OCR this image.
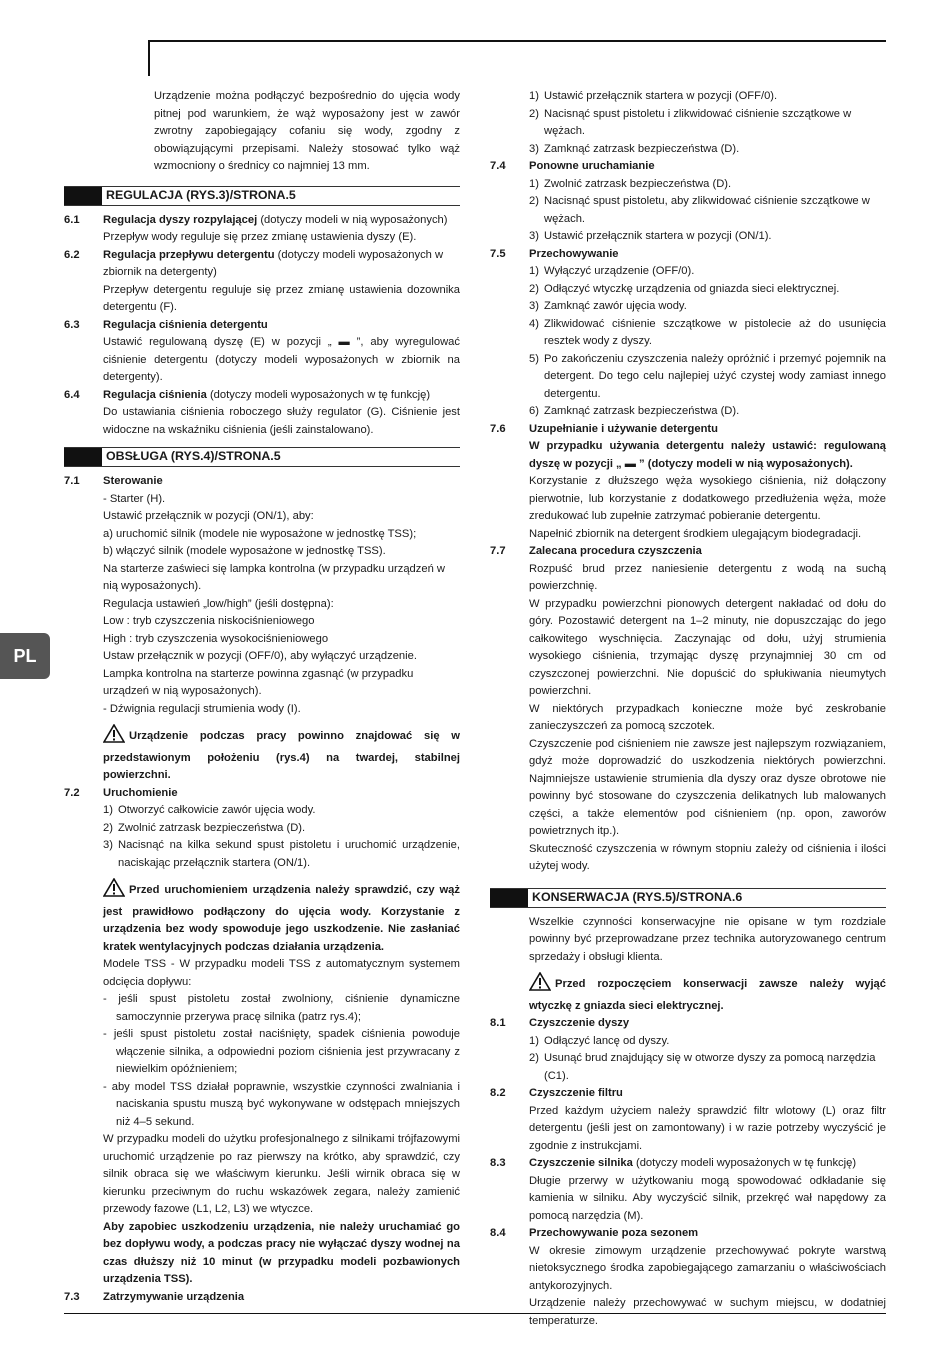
PL

Urządzenie można podłączyć bezpośrednio do ujęcia wody pitnej pod warunkiem, że wąż wyposażony jest w zawór zwrotny zapobiegający cofaniu się wody, zgodny z obowiązującymi przepisami. Należy stosować tylko wąż wzmocniony o średnicy co najmniej 13 mm.

REGULACJA (RYS.3)/STRONA.5
6.1	Regulacja dyszy rozpylającej (dotyczy modeli w nią wyposażonych)

Przepływ wody reguluje się przez zmianę ustawienia dyszy (E).

6.2	Regulacja przepływu detergentu (dotyczy modeli wyposażonych w zbiornik na detergenty)

Przepływ detergentu reguluje się przez zmianę ustawienia dozownika detergentu (F).

6.3	Regulacja ciśnienia detergentu

Ustawić regulowaną dyszę (E) w pozycji „ ▬ ”, aby wyregulować ciśnienie detergentu (dotyczy modeli wyposażonych w zbiornik na detergenty).

6.4	Regulacja ciśnienia (dotyczy modeli wyposażonych w tę funkcję)

Do ustawiania ciśnienia roboczego służy regulator (G). Ciśnienie jest widoczne na wskaźniku ciśnienia (jeśli zainstalowano).

OBSŁUGA (RYS.4)/STRONA.5
7.1	Sterowanie

- Starter (H).

Ustawić przełącznik w pozycji (ON/1), aby:

a) uruchomić silnik (modele nie wyposażone w jednostkę TSS);

b) włączyć silnik (modele wyposażone w jednostkę TSS).

Na starterze zaświeci się lampka kontrolna (w przypadku urządzeń w nią wyposażonych).

Regulacja ustawień „low/high” (jeśli dostępna):

Low : tryb czyszczenia niskociśnieniowego

High : tryb czyszczenia wysokociśnieniowego

Ustaw przełącznik w pozycji (OFF/0), aby wyłączyć urządzenie.

Lampka kontrolna na starterze powinna zgasnąć (w przypadku urządzeń w nią wyposażonych).

- Dźwignia regulacji strumienia wody (I).

Urządzenie podczas pracy powinno znajdować się w przedstawionym położeniu (rys.4) na twardej, stabilnej powierzchni.

7.2	Uruchomienie
1) Otworzyć całkowicie zawór ujęcia wody.
2) Zwolnić zatrzask bezpieczeństwa (D).
3) Nacisnąć na kilka sekund spust pistoletu i uruchomić urządzenie, naciskając przełącznik startera (ON/1).

Przed uruchomieniem urządzenia należy sprawdzić, czy wąż jest prawidłowo podłączony do ujęcia wody. Korzystanie z urządzenia bez wody spowoduje jego uszkodzenie. Nie zasłaniać kratek wentylacyjnych podczas działania urządzenia.

Modele TSS - W przypadku modeli TSS z automatycznym systemem odcięcia dopływu:

- jeśli spust pistoletu został zwolniony, ciśnienie dynamiczne samoczynnie przerywa pracę silnika (patrz rys.4);

- jeśli spust pistoletu został naciśnięty, spadek ciśnienia powoduje włączenie silnika, a odpowiedni poziom ciśnienia jest przywracany z niewielkim opóźnieniem;

- aby model TSS działał poprawnie, wszystkie czynności zwalniania i naciskania spustu muszą być wykonywane w odstępach mniejszych niż 4–5 sekund.

W przypadku modeli do użytku profesjonalnego z silnikami trójfazowymi uruchomić urządzenie po raz pierwszy na krótko, aby sprawdzić, czy silnik obraca się we właściwym kierunku. Jeśli wirnik obraca się w kierunku przeciwnym do ruchu wskazówek zegara, należy zamienić przewody fazowe (L1, L2, L3) we wtyczce.

Aby zapobiec uszkodzeniu urządzenia, nie należy uruchamiać go bez dopływu wody, a podczas pracy nie wyłączać dyszy wodnej na czas dłuższy niż 10 minut (w przypadku modeli pozbawionych urządzenia TSS).

7.3	Zatrzymywanie urządzenia
1) Ustawić przełącznik startera w pozycji (OFF/0).
2) Nacisnąć spust pistoletu i zlikwidować ciśnienie szczątkowe w wężach.
3) Zamknąć zatrzask bezpieczeństwa (D).
7.4	Ponowne uruchamianie
1) Zwolnić zatrzask bezpieczeństwa (D).
2) Nacisnąć spust pistoletu, aby zlikwidować ciśnienie szczątkowe w wężach.
3) Ustawić przełącznik startera w pozycji (ON/1).
7.5	Przechowywanie
1) Wyłączyć urządzenie (OFF/0).
2) Odłączyć wtyczkę urządzenia od gniazda sieci elektrycznej.
3) Zamknąć zawór ujęcia wody.
4) Zlikwidować ciśnienie szczątkowe w pistolecie aż do usunięcia resztek wody z dyszy.
5) Po zakończeniu czyszczenia należy opróżnić i przemyć pojemnik na detergent. Do tego celu najlepiej użyć czystej wody zamiast innego detergentu.
6) Zamknąć zatrzask bezpieczeństwa (D).
7.6	Uzupełnianie i używanie detergentu

W przypadku używania detergentu należy ustawić: regulowaną dyszę w pozycji „ ▬ ” (dotyczy modeli w nią wyposażonych).

Korzystanie z dłuższego węża wysokiego ciśnienia, niż dołączony pierwotnie, lub korzystanie z dodatkowego przedłużenia węża, może zredukować lub zupełnie zatrzymać pobieranie detergentu.

Napełnić zbiornik na detergent środkiem ulegającym biodegradacji.

7.7	Zalecana procedura czyszczenia

Rozpuść brud przez naniesienie detergentu z wodą na suchą powierzchnię.

W przypadku powierzchni pionowych detergent nakładać od dołu do góry. Pozostawić detergent na 1–2 minuty, nie dopuszczając do jego całkowitego wyschnięcia. Zaczynając od dołu, użyj strumienia wysokiego ciśnienia, trzymając dyszę przynajmniej 30 cm od czyszczonej powierzchni. Nie dopuścić do spłukiwania nieumytych powierzchni.

W niektórych przypadkach konieczne może być zeskrobanie zanieczyszczeń za pomocą szczotek.

Czyszczenie pod ciśnieniem nie zawsze jest najlepszym rozwiązaniem, gdyż może doprowadzić do uszkodzenia niektórych powierzchni. Najmniejsze ustawienie strumienia dla dyszy oraz dysze obrotowe nie powinny być stosowane do czyszczenia delikatnych lub malowanych części, a także elementów pod ciśnieniem (np. opon, zaworów powietrznych itp.).

Skuteczność czyszczenia w równym stopniu zależy od ciśnienia i ilości użytej wody.

KONSERWACJA (RYS.5)/STRONA.6

Wszelkie czynności konserwacyjne nie opisane w tym rozdziale powinny być przeprowadzane przez technika autoryzowanego centrum sprzedaży i obsługi klienta.

Przed rozpoczęciem konserwacji zawsze należy wyjąć wtyczkę z gniazda sieci elektrycznej.

8.1	Czyszczenie dyszy
1) Odłączyć lancę od dyszy.
2) Usunąć brud znajdujący się w otworze dyszy za pomocą narzędzia (C1).
8.2	Czyszczenie filtru

Przed każdym użyciem należy sprawdzić filtr wlotowy (L) oraz filtr detergentu (jeśli jest on zamontowany) i w razie potrzeby wyczyścić je zgodnie z instrukcjami.

8.3	Czyszczenie silnika (dotyczy modeli wyposażonych w tę funkcję)

Długie przerwy w użytkowaniu mogą spowodować odkładanie się kamienia w silniku. Aby wyczyścić silnik, przekręć wał napędowy za pomocą narzędzia (M).

8.4	Przechowywanie poza sezonem

W okresie zimowym urządzenie przechowywać pokryte warstwą nietoksycznego środka zapobiegającego zamarzaniu o właściwościach antykorozyjnych.

Urządzenie należy przechowywać w suchym miejscu, w dodatniej temperaturze.
